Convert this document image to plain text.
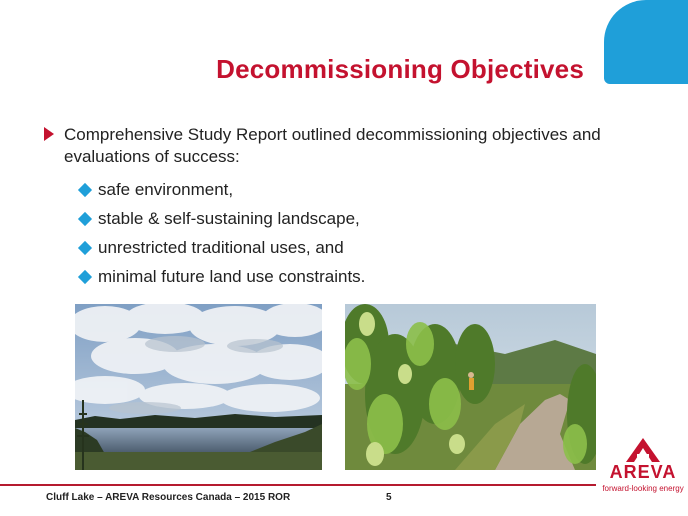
Decommissioning Objectives
Comprehensive Study Report outlined decommissioning objectives and evaluations of success:
safe environment,
stable & self-sustaining landscape,
unrestricted traditional uses, and
minimal future land use constraints.
Cluff Lake – AREVA Resources Canada – 2015 ROR	5
AREVA
forward-looking energy
